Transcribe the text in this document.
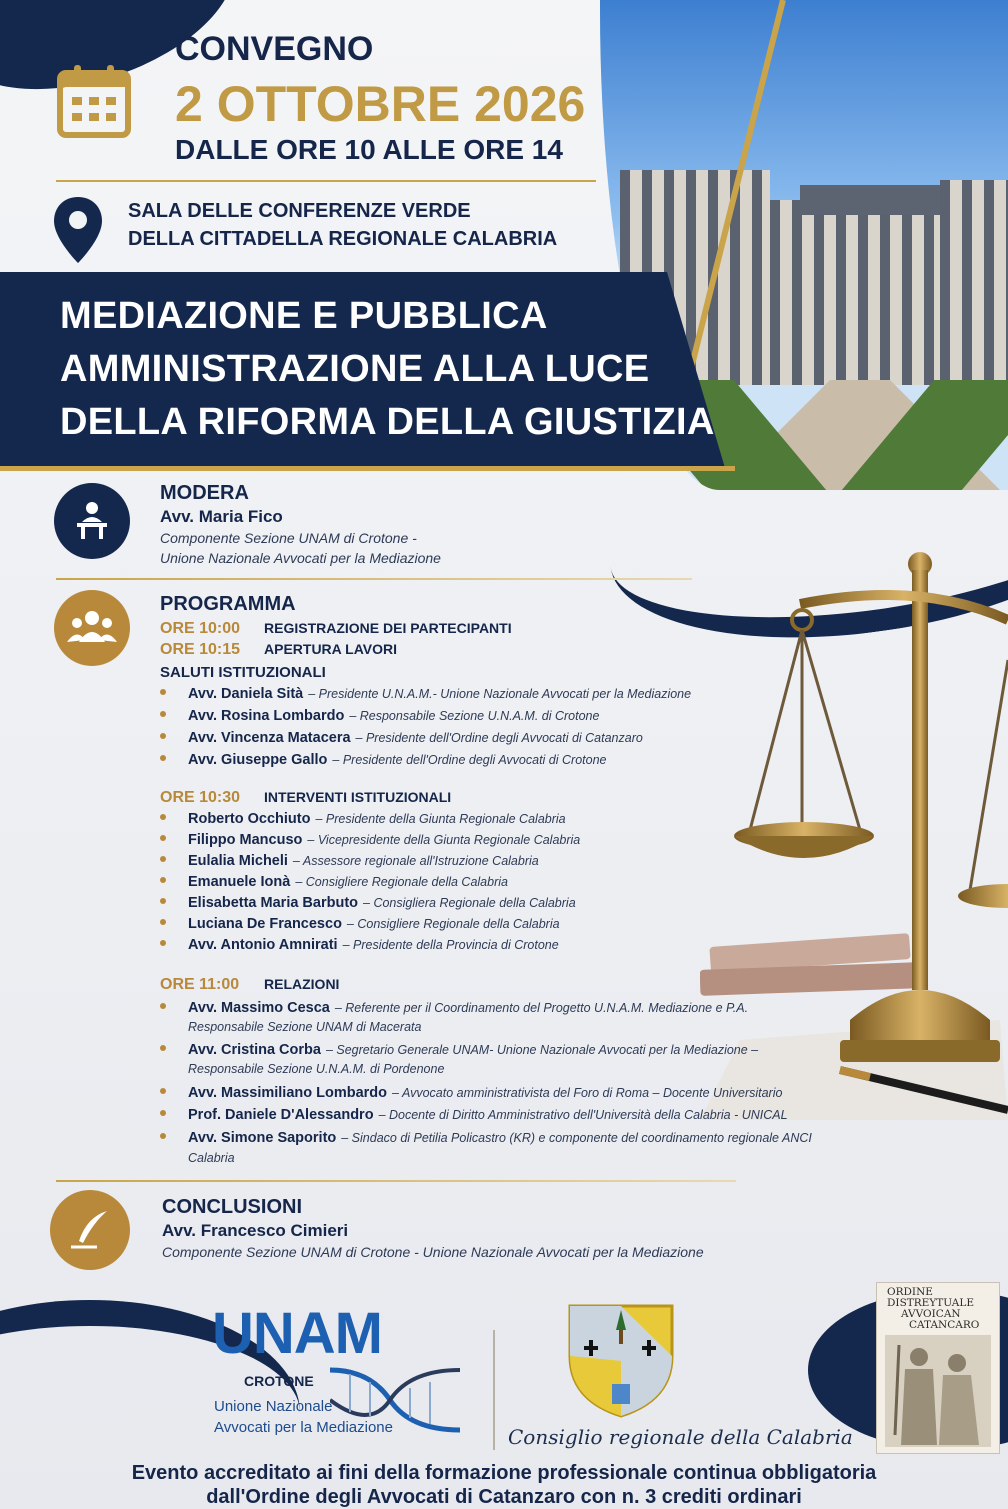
CONVEGNO
2 OTTOBRE 2026
DALLE ORE 10 ALLE ORE 14
SALA DELLE CONFERENZE VERDE
DELLA CITTADELLA REGIONALE CALABRIA
MEDIAZIONE E PUBBLICA
AMMINISTRAZIONE ALLA LUCE
DELLA RIFORMA DELLA GIUSTIZIA
MODERA
Avv. Maria Fico
Componente Sezione UNAM di Crotone -
Unione Nazionale Avvocati per la Mediazione
PROGRAMMA
ORE 10:00	REGISTRAZIONE DEI PARTECIPANTI
ORE 10:15	APERTURA LAVORI
SALUTI ISTITUZIONALI
Avv. Daniela Sità – Presidente U.N.A.M.- Unione Nazionale Avvocati per la Mediazione
Avv. Rosina Lombardo – Responsabile Sezione U.N.A.M. di Crotone
Avv. Vincenza Matacera – Presidente dell'Ordine degli Avvocati di Catanzaro
Avv. Giuseppe Gallo – Presidente dell'Ordine degli Avvocati di Crotone
ORE 10:30	INTERVENTI ISTITUZIONALI
Roberto Occhiuto – Presidente della Giunta Regionale Calabria
Filippo Mancuso – Vicepresidente della Giunta Regionale Calabria
Eulalia Micheli – Assessore regionale all'Istruzione Calabria
Emanuele Ionà – Consigliere Regionale della Calabria
Elisabetta Maria Barbuto – Consigliera Regionale della Calabria
Luciana De Francesco – Consigliere Regionale della Calabria
Avv. Antonio Amnirati – Presidente della Provincia di Crotone
ORE 11:00	RELAZIONI
Avv. Massimo Cesca – Referente per il Coordinamento del Progetto U.N.A.M. Mediazione e P.A.
Responsabile Sezione UNAM di Macerata
Avv. Cristina Corba – Segretario Generale UNAM- Unione Nazionale Avvocati per la Mediazione –
Responsabile Sezione U.N.A.M. di Pordenone
Avv. Massimiliano Lombardo – Avvocato amministrativista del Foro di Roma – Docente Universitario
Prof. Daniele D'Alessandro – Docente di Diritto Amministrativo dell'Università della Calabria - UNICAL
Avv. Simone Saporito – Sindaco di Petilia Policastro (KR) e componente del coordinamento regionale ANCI
Calabria
CONCLUSIONI
Avv. Francesco Cimieri
Componente Sezione UNAM di Crotone - Unione Nazionale Avvocati per la Mediazione
UNAM
CROTONE
Unione Nazionale
Avvocati per la Mediazione	Consiglio regionale della Calabria
ORDINE
DISTREYTUALE
AVVOICAN
CATANCARO
Evento accreditato ai fini della formazione professionale continua obbligatoria
dall'Ordine degli Avvocati di Catanzaro con n. 3 crediti ordinari
